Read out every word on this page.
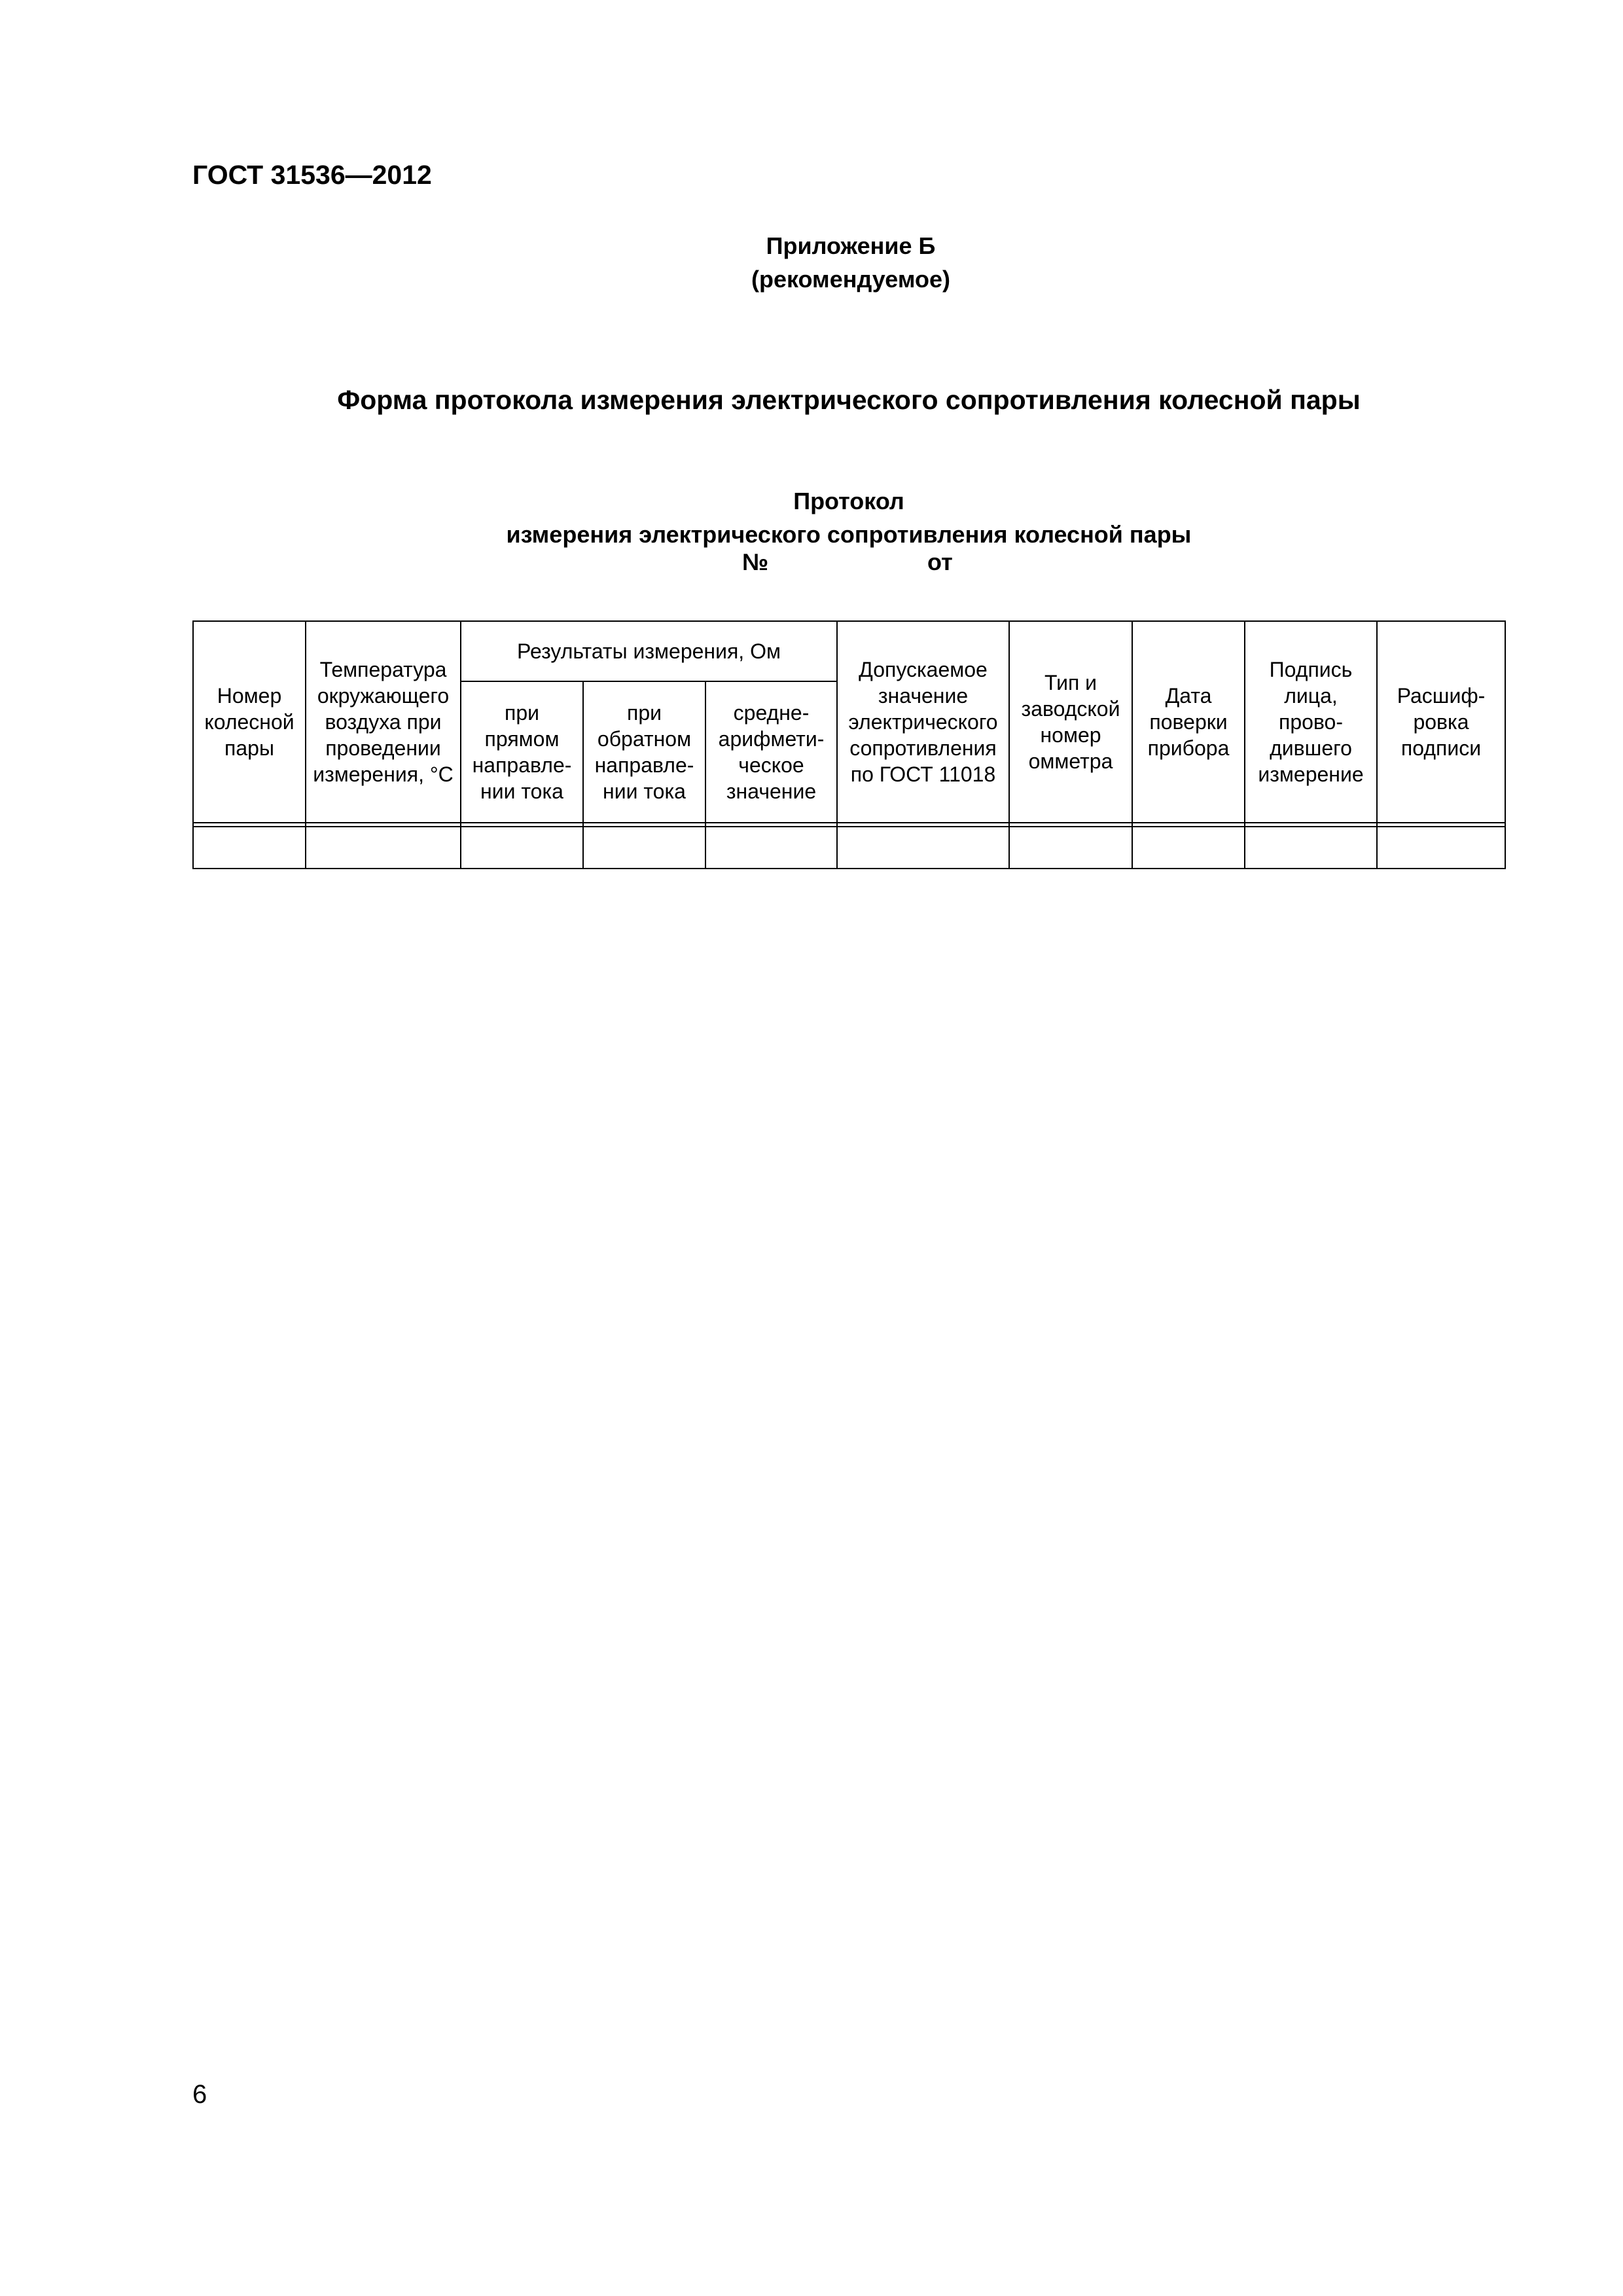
ГОСТ 31536—2012
Приложение Б
(рекомендуемое)
Форма протокола измерения электрического сопротивления колесной пары
Протокол
измерения электрического сопротивления колесной пары
№	от
Номер колесной пары	Температура окружающего воздуха при проведении измерения, °С	Результаты измерения, Ом			Допускаемое значение электрического сопротивления по ГОСТ 11018	Тип и заводской номер омметра	Дата поверки прибора	Подпись лица, прово-дившего измерение	Расшиф-ровка подписи
		при прямом направле-нии тока	при обратном направле-нии тока	средне-арифмети-ческое значение					

6
